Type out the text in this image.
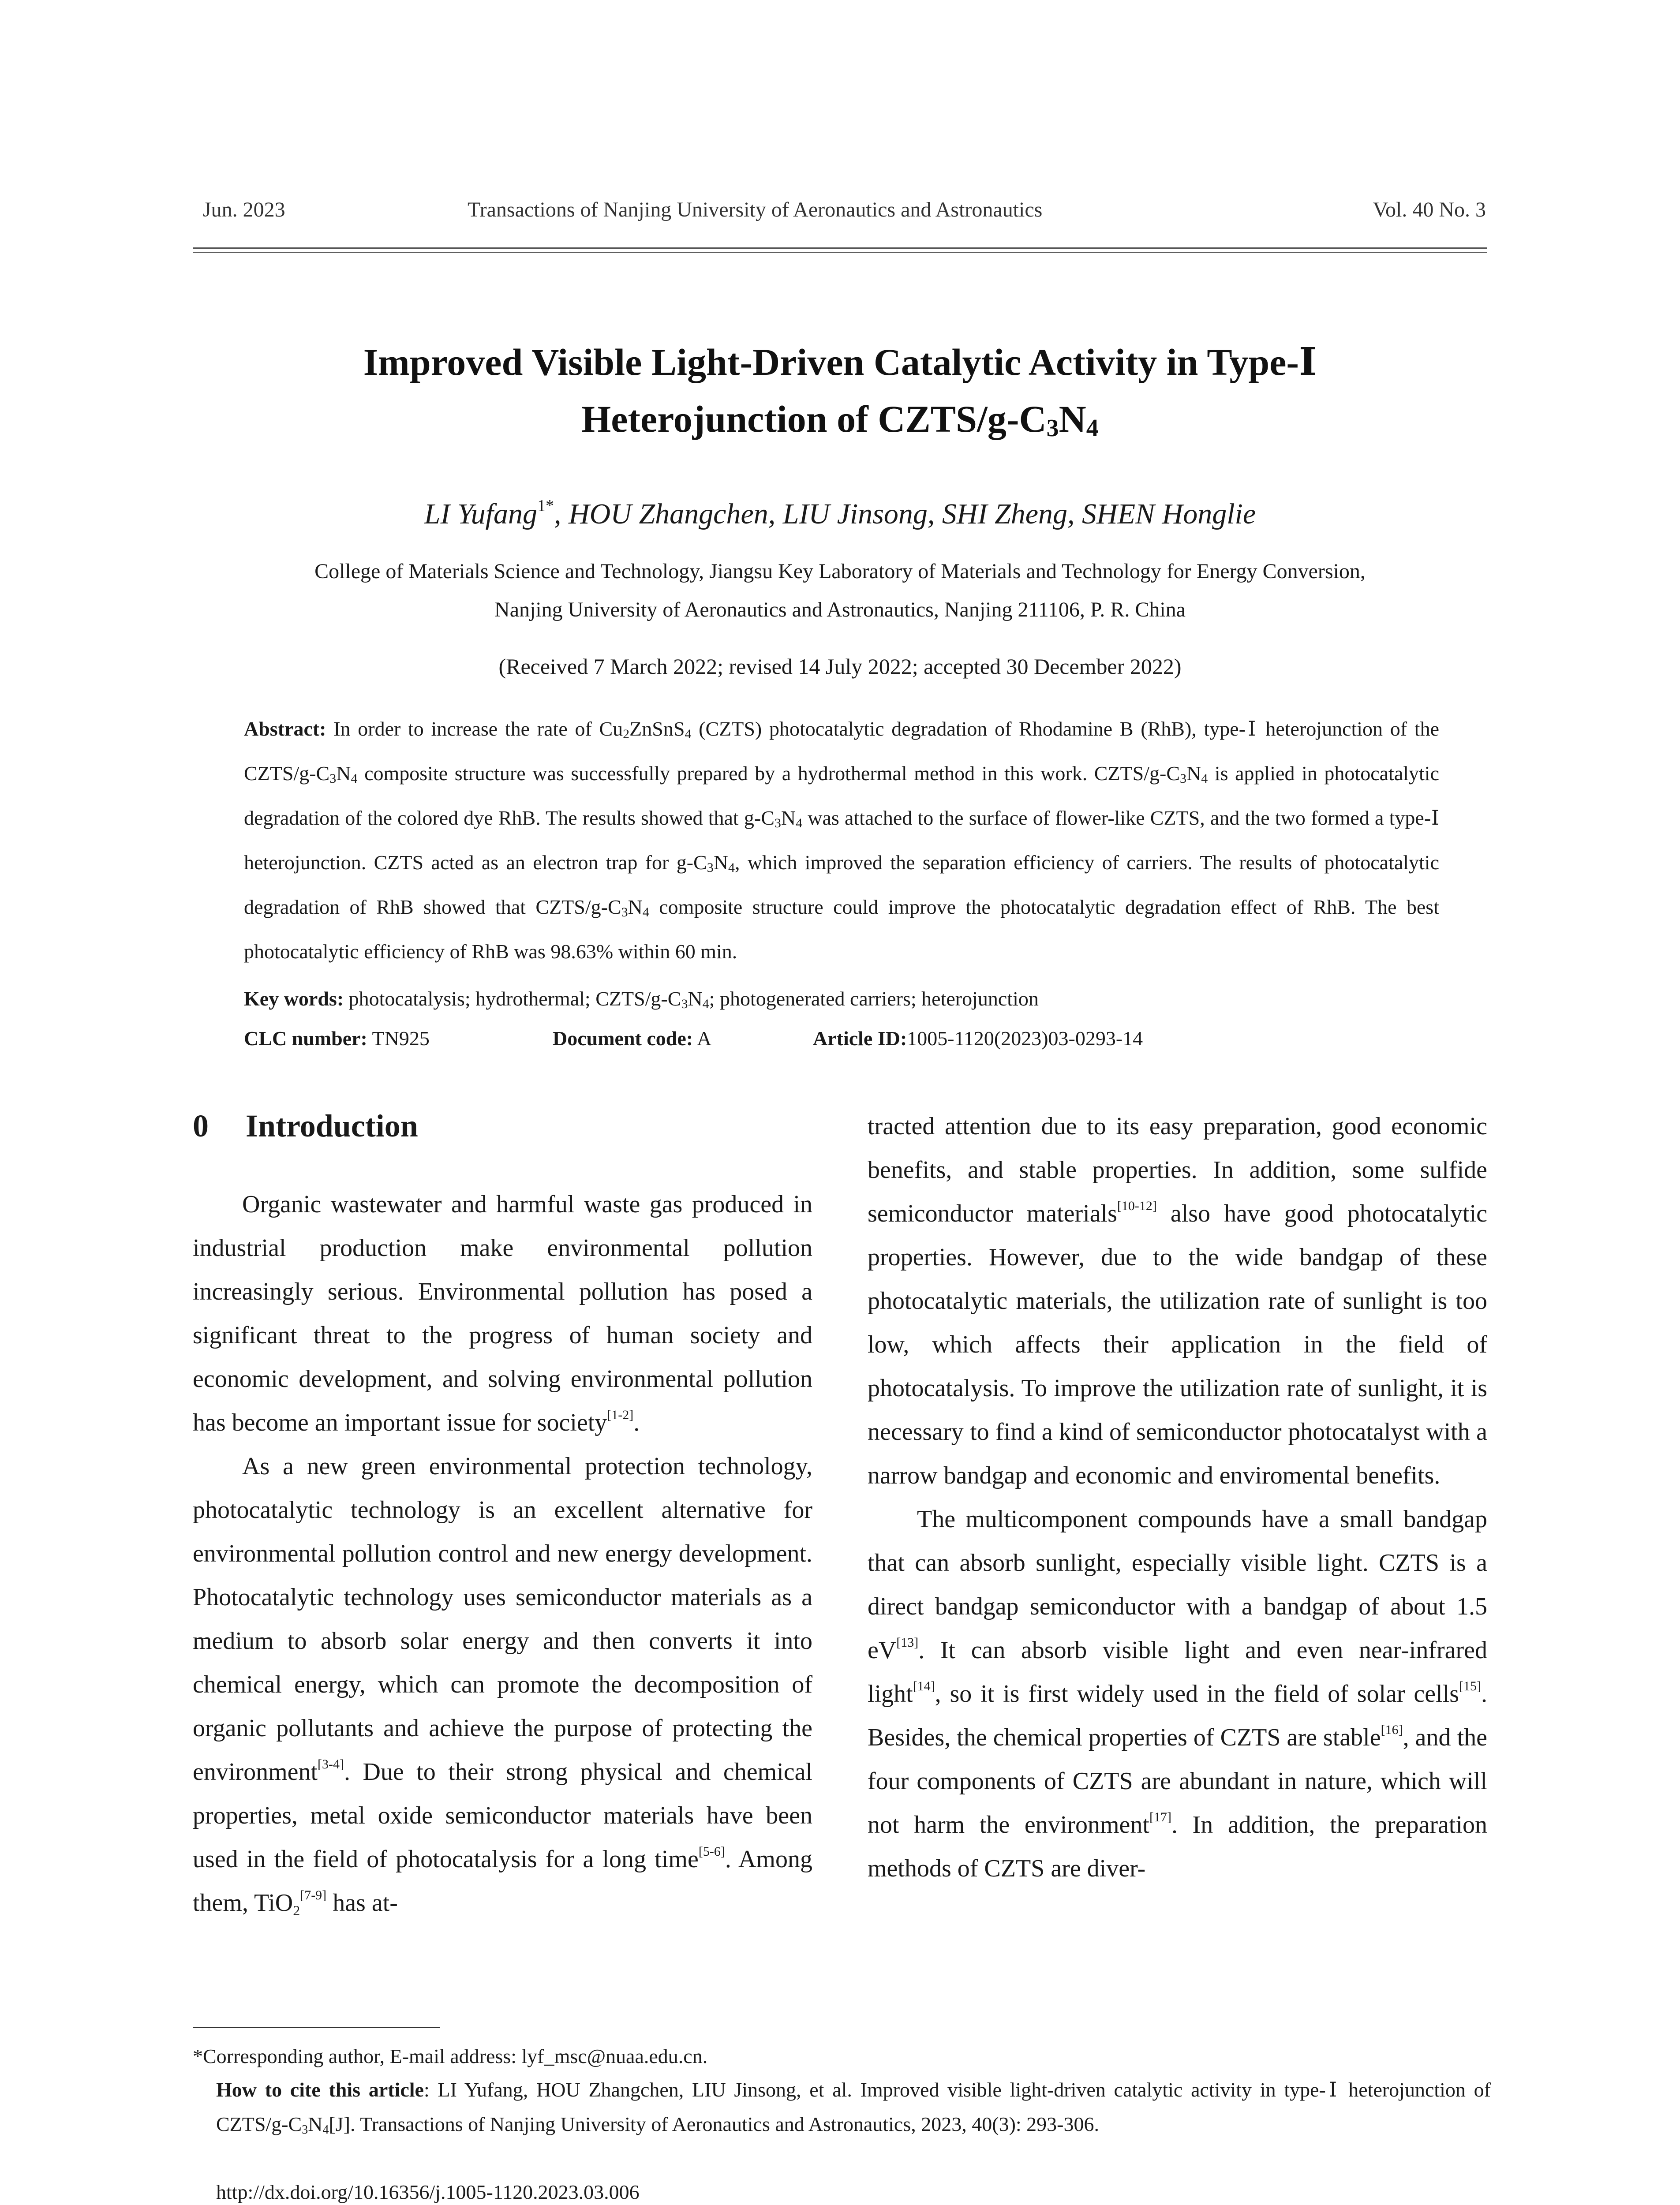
Jun. 2023	Transactions of Nanjing University of Aeronautics and Astronautics	Vol. 40 No. 3
Improved Visible Light-Driven Catalytic Activity in Type-Ⅰ
Heterojunction of CZTS/$g-C_3N_4$
LI Yufang$^{1*}$, HOU Zhangchen, LIU Jinsong, SHI Zheng, SHEN Honglie
College of Materials Science and Technology, Jiangsu Key Laboratory of Materials and Technology for Energy Conversion,
Nanjing University of Aeronautics and Astronautics, Nanjing 211106, P. R. China
(Received 7 March 2022; revised 14 July 2022; accepted 30 December 2022)
Abstract: In order to increase the rate of $Cu_2ZnSnS_4$ (CZTS) photocatalytic degradation of Rhodamine B (RhB), type-Ⅰ heterojunction of the CZTS/$g-C_3N_4$ composite structure was successfully prepared by a hydrothermal method in this work. CZTS/$g-C_3N_4$ is applied in photocatalytic degradation of the colored dye RhB. The results showed that $g-C_3N_4$ was attached to the surface of flower-like CZTS, and the two formed a type-Ⅰ heterojunction. CZTS acted as an electron trap for $g-C_3N_4$, which improved the separation efficiency of carriers. The results of photocatalytic degradation of RhB showed that CZTS/$g-C_3N_4$ composite structure could improve the photocatalytic degradation effect of RhB. The best photocatalytic efficiency of RhB was 98.63% within 60 min.
Key words: photocatalysis; hydrothermal; CZTS/$g-C_3N_4$; photogenerated carriers; heterojunction
CLC number: TN925	Document code: A	Article ID:1005-1120(2023)03-0293-14
0 Introduction

Organic wastewater and harmful waste gas produced in industrial production make environmental pollution increasingly serious. Environmental pollution has posed a significant threat to the progress of human society and economic development, and solving environmental pollution has become an important issue for society[1-2].

As a new green environmental protection technology, photocatalytic technology is an excellent alternative for environmental pollution control and new energy development. Photocatalytic technology uses semiconductor materials as a medium to absorb solar energy and then converts it into chemical energy, which can promote the decomposition of organic pollutants and achieve the purpose of protecting the environment[3-4]. Due to their strong physical and chemical properties, metal oxide semiconductor materials have been used in the field of photocatalysis for a long time[5-6]. Among them, TiO$_2$[7-9] has at-

tracted attention due to its easy preparation, good economic benefits, and stable properties. In addition, some sulfide semiconductor materials[10-12] also have good photocatalytic properties. However, due to the wide bandgap of these photocatalytic materials, the utilization rate of sunlight is too low, which affects their application in the field of photocatalysis. To improve the utilization rate of sunlight, it is necessary to find a kind of semiconductor photocatalyst with a narrow bandgap and economic and enviromental benefits.

The multicomponent compounds have a small bandgap that can absorb sunlight, especially visible light. CZTS is a direct bandgap semiconductor with a bandgap of about 1.5 eV[13]. It can absorb visible light and even near-infrared light[14], so it is first widely used in the field of solar cells[15]. Besides, the chemical properties of CZTS are stable[16], and the four components of CZTS are abundant in nature, which will not harm the environment[17]. In addition, the preparation methods of CZTS are diver-

*Corresponding author, E-mail address: lyf_msc@nuaa.edu.cn.
How to cite this article: LI Yufang, HOU Zhangchen, LIU Jinsong, et al. Improved visible light-driven catalytic activity in type-Ⅰ heterojunction of CZTS/$g-C_3N_4[J]$. Transactions of Nanjing University of Aeronautics and Astronautics, 2023, 40(3): 293-306.
http://dx.doi.org/10.16356/j.1005-1120.2023.03.006
